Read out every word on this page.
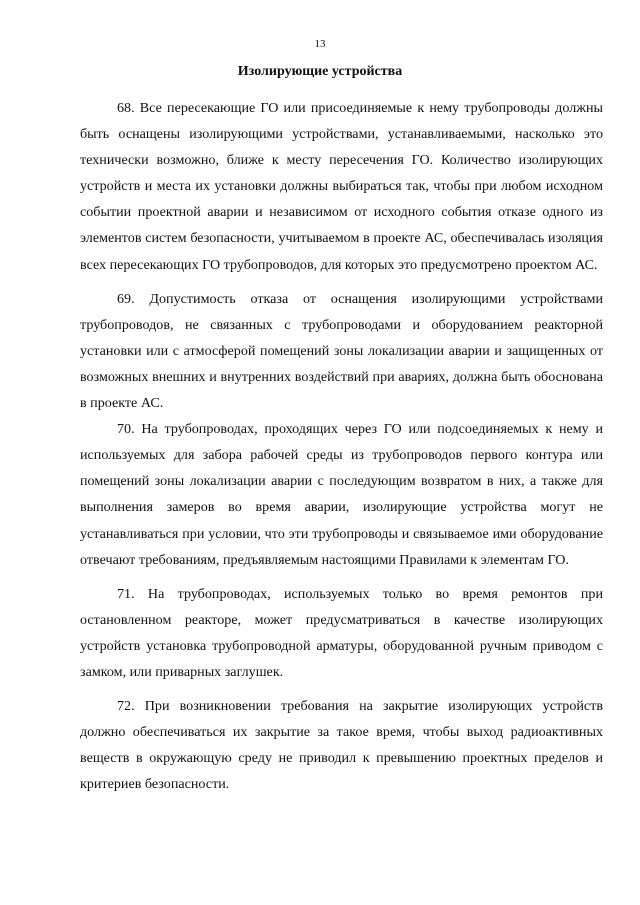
13
Изолирующие устройства

68. Все пересекающие ГО или присоединяемые к нему трубопроводы должны быть оснащены изолирующими устройствами, устанавливаемыми, насколько это технически возможно, ближе к месту пересечения ГО. Количество изолирующих устройств и места их установки должны выбираться так, чтобы при любом исходном событии проектной аварии и независимом от исходного события отказе одного из элементов систем безопасности, учитываемом в проекте АС, обеспечивалась изоляция всех пересекающих ГО трубопроводов, для которых это предусмотрено проектом АС.

69. Допустимость отказа от оснащения изолирующими устройствами трубопроводов, не связанных с трубопроводами и оборудованием реакторной установки или с атмосферой помещений зоны локализации аварии и защищенных от возможных внешних и внутренних воздействий при авариях, должна быть обоснована в проекте АС.

70. На трубопроводах, проходящих через ГО или подсоединяемых к нему и используемых для забора рабочей среды из трубопроводов первого контура или помещений зоны локализации аварии с последующим возвратом в них, а также для выполнения замеров во время аварии, изолирующие устройства могут не устанавливаться при условии, что эти трубопроводы и связываемое ими оборудование отвечают требованиям, предъявляемым настоящими Правилами к элементам ГО.

71. На трубопроводах, используемых только во время ремонтов при остановленном реакторе, может предусматриваться в качестве изолирующих устройств установка трубопроводной арматуры, оборудованной ручным приводом с замком, или приварных заглушек.

72. При возникновении требования на закрытие изолирующих устройств должно обеспечиваться их закрытие за такое время, чтобы выход радиоактивных веществ в окружающую среду не приводил к превышению проектных пределов и критериев безопасности.
